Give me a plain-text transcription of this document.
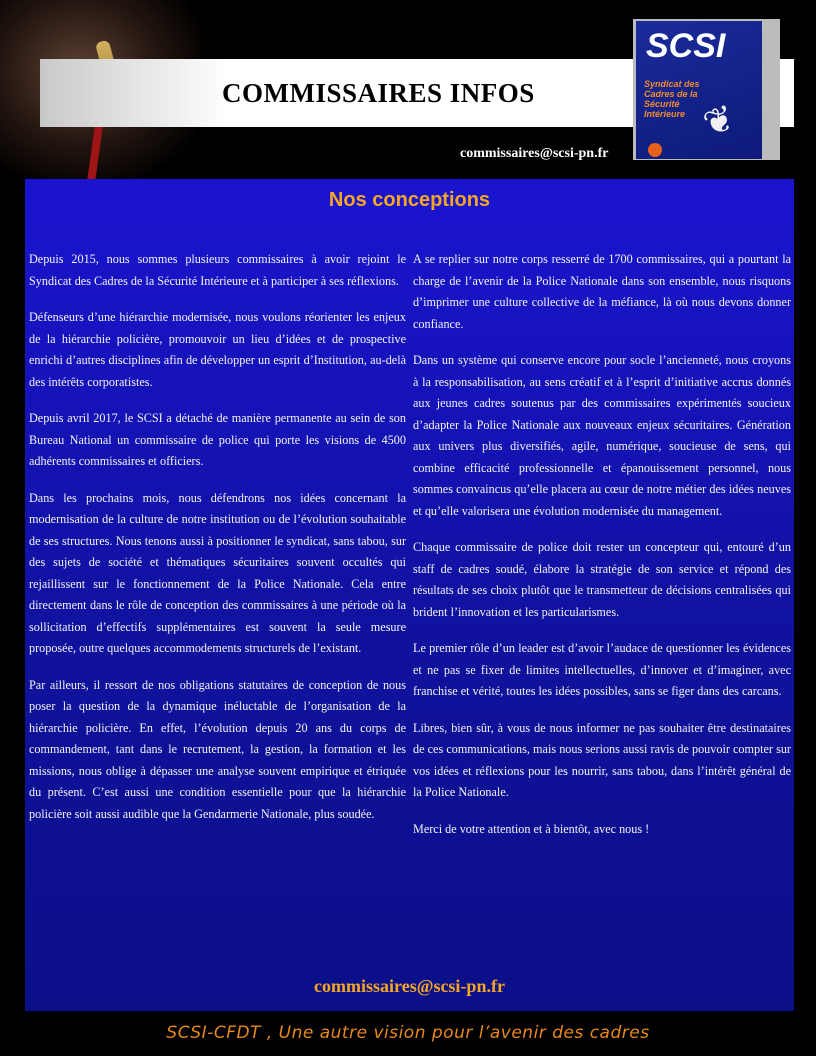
COMMISSAIRES INFOS
SCSI
Syndicat des
Cadres de la
Sécurité
Intérieure ❦
commissaires@scsi-pn.fr
Nos conceptions

Depuis 2015, nous sommes plusieurs commissaires à avoir rejoint le Syndicat des Cadres de la Sécurité Intérieure et à participer à ses réflexions.

Défenseurs d’une hiérarchie modernisée, nous voulons réorienter les enjeux de la hiérarchie policière, promouvoir un lieu d’idées et de prospective enrichi d’autres disciplines afin de développer un esprit d’Institution, au-delà des intérêts corporatistes.

Depuis avril 2017, le SCSI a détaché de manière permanente au sein de son Bureau National un commissaire de police qui porte les visions de 4500 adhérents commissaires et officiers.

Dans les prochains mois, nous défendrons nos idées concernant la modernisation de la culture de notre institution ou de l’évolution souhaitable de ses structures. Nous tenons aussi à positionner le syndicat, sans tabou, sur des sujets de société et thématiques sécuritaires souvent occultés qui rejaillissent sur le fonctionnement de la Police Nationale. Cela entre directement dans le rôle de conception des commissaires à une période où la sollicitation d’effectifs supplémentaires est souvent la seule mesure proposée, outre quelques accommodements structurels de l’existant.

Par ailleurs, il ressort de nos obligations statutaires de conception de nous poser la question de la dynamique inéluctable de l’organisation de la hiérarchie policière. En effet, l’évolution depuis 20 ans du corps de commandement, tant dans le recrutement, la gestion, la formation et les missions, nous oblige à dépasser une analyse souvent empirique et étriquée du présent. C’est aussi une condition essentielle pour que la hiérarchie policière soit aussi audible que la Gendarmerie Nationale, plus soudée.

A se replier sur notre corps resserré de 1700 commissaires, qui a pourtant la charge de l’avenir de la Police Nationale dans son ensemble, nous risquons d’imprimer une culture collective de la méfiance, là où nous devons donner confiance.

Dans un système qui conserve encore pour socle l’ancienneté, nous croyons à la responsabilisation, au sens créatif et à l’esprit d’initiative accrus donnés aux jeunes cadres soutenus par des commissaires expérimentés soucieux d’adapter la Police Nationale aux nouveaux enjeux sécuritaires. Génération aux univers plus diversifiés, agile, numérique, soucieuse de sens, qui combine efficacité professionnelle et épanouissement personnel, nous sommes convaincus qu’elle placera au cœur de notre métier des idées neuves et qu’elle valorisera une évolution modernisée du management.

Chaque commissaire de police doit rester un concepteur qui, entouré d’un staff de cadres soudé, élabore la stratégie de son service et répond des résultats de ses choix plutôt que le transmetteur de décisions centralisées qui brident l’innovation et les particularismes.

Le premier rôle d’un leader est d’avoir l’audace de questionner les évidences et ne pas se fixer de limites intellectuelles, d’innover et d’imaginer, avec franchise et vérité, toutes les idées possibles, sans se figer dans des carcans.

Libres, bien sûr, à vous de nous informer ne pas souhaiter être destinataires de ces communications, mais nous serions aussi ravis de pouvoir compter sur vos idées et réflexions pour les nourrir, sans tabou, dans l’intérêt général de la Police Nationale.

Merci de votre attention et à bientôt, avec nous !

commissaires@scsi-pn.fr
SCSI-CFDT , Une autre vision pour l’avenir des cadres
